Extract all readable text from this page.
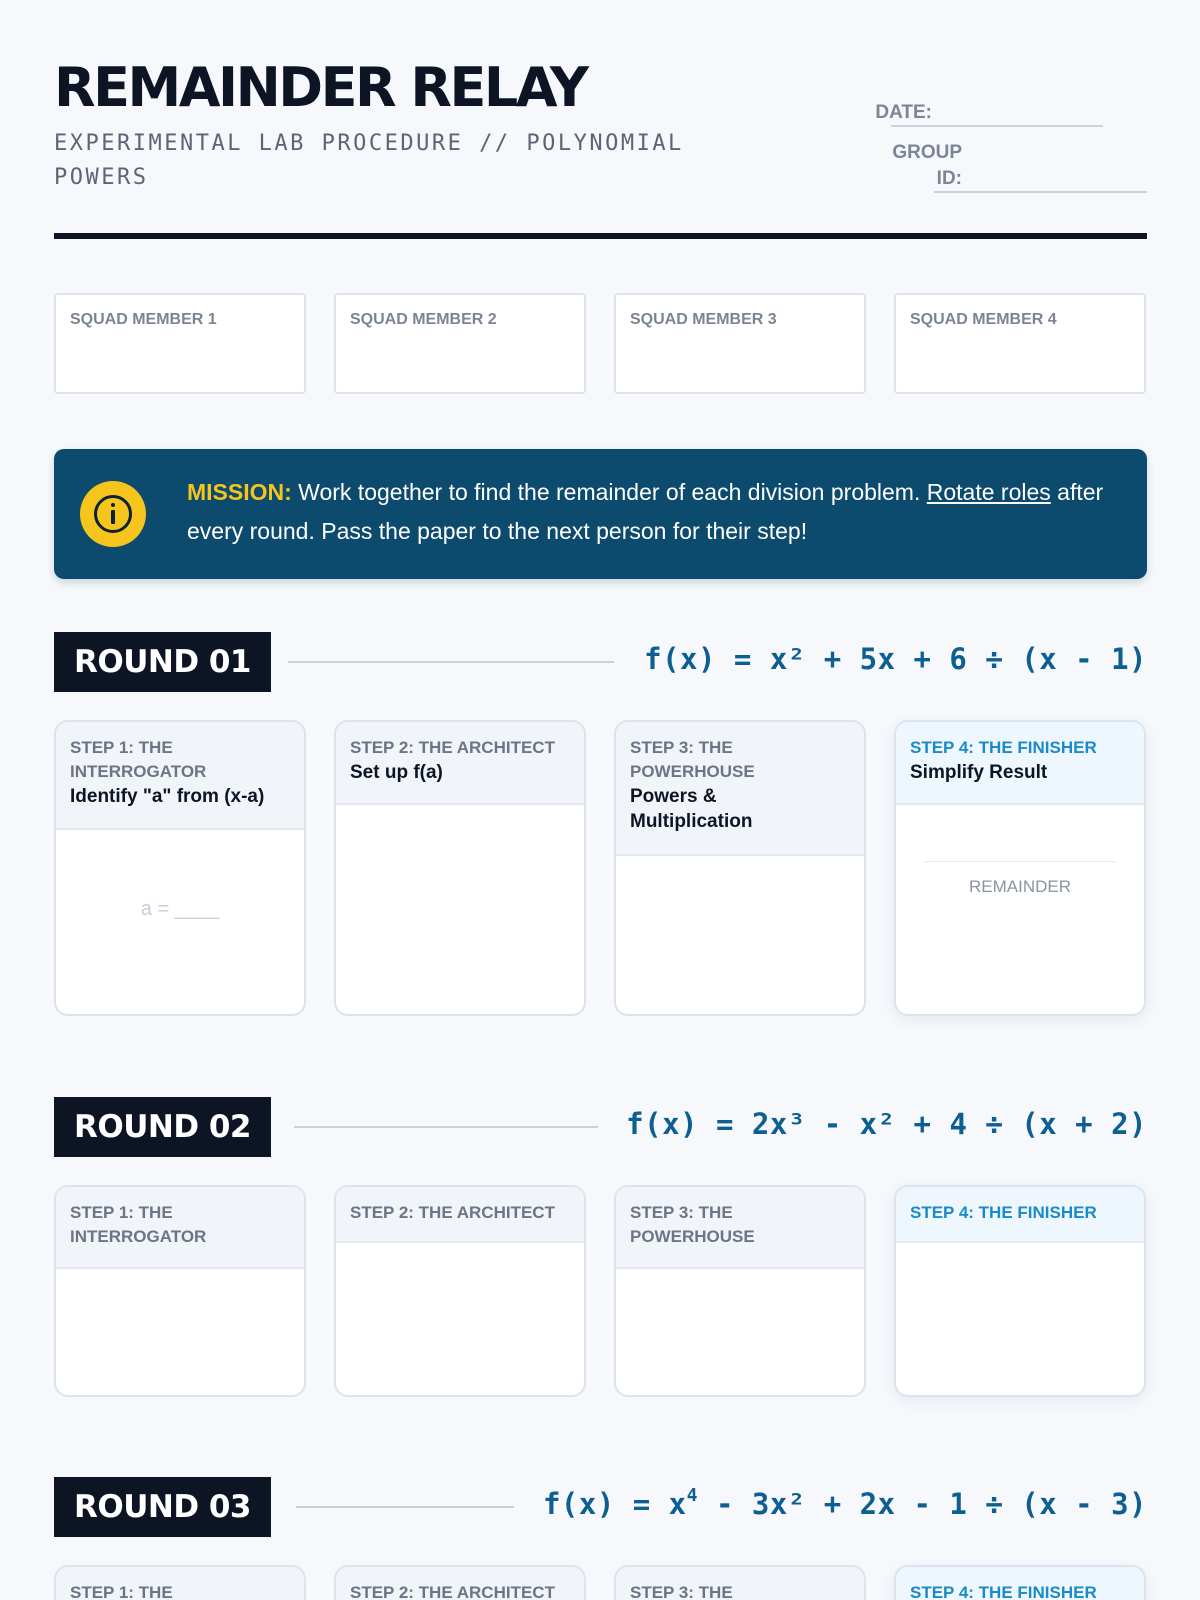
REMAINDER RELAY
EXPERIMENTAL LAB PROCEDURE // POLYNOMIAL POWERS
DATE:
GROUP
ID:
SQUAD MEMBER 1	SQUAD MEMBER 2	SQUAD MEMBER 3	SQUAD MEMBER 4
MISSION: Work together to find the remainder of each division problem. Rotate roles after every round. Pass the paper to the next person for their step!
ROUND 01	f(x) = x² + 5x + 6 ÷ (x - 1)
STEP 1: THE
INTERROGATOR
Identify "a" from (x-a)
a = ____
STEP 2: THE ARCHITECT
Set up f(a)
STEP 3: THE
POWERHOUSE
Powers &
Multiplication
STEP 4: THE FINISHER
Simplify Result
REMAINDER
ROUND 02	f(x) = 2x³ - x² + 4 ÷ (x + 2)
STEP 1: THE
INTERROGATOR
STEP 2: THE ARCHITECT	STEP 3: THE
POWERHOUSE
STEP 4: THE FINISHER
ROUND 03	$f(x) = x^4 - 3x^2 + 2x - 1 \div (x - 3)$
STEP 1: THE	STEP 2: THE ARCHITECT	STEP 3: THE	STEP 4: THE FINISHER
